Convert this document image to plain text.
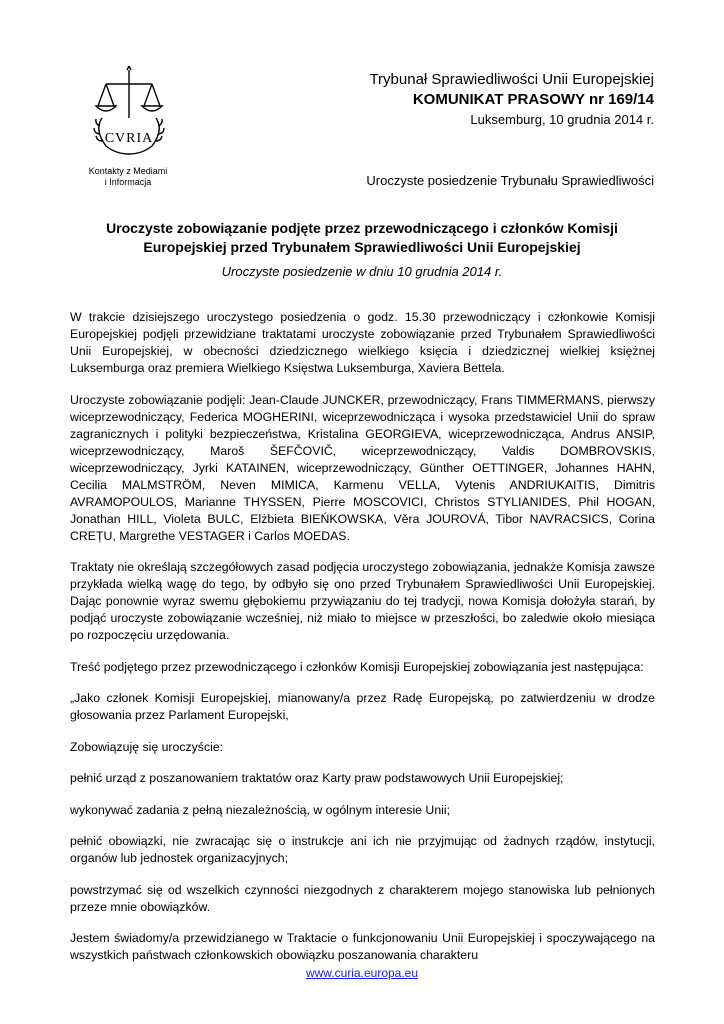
CVRIA
Kontakty z Mediami
i Informacja
Trybunał Sprawiedliwości Unii Europejskiej
KOMUNIKAT PRASOWY nr 169/14
Luksemburg, 10 grudnia 2014 r.
Uroczyste posiedzenie Trybunału Sprawiedliwości
Uroczyste zobowiązanie podjęte przez przewodniczącego i członków Komisji Europejskiej przed Trybunałem Sprawiedliwości Unii Europejskiej
Uroczyste posiedzenie w dniu 10 grudnia 2014 r.

W trakcie dzisiejszego uroczystego posiedzenia o godz. 15.30 przewodniczący i członkowie Komisji Europejskiej podjęli przewidziane traktatami uroczyste zobowiązanie przed Trybunałem Sprawiedliwości Unii Europejskiej, w obecności dziedzicznego wielkiego księcia i dziedzicznej wielkiej księżnej Luksemburga oraz premiera Wielkiego Księstwa Luksemburga, Xaviera Bettela.

Uroczyste zobowiązanie podjęli: Jean-Claude JUNCKER, przewodniczący, Frans TIMMERMANS, pierwszy wiceprzewodniczący, Federica MOGHERINI, wiceprzewodnicząca i wysoka przedstawiciel Unii do spraw zagranicznych i polityki bezpieczeństwa, Kristalina GEORGIEVA, wiceprzewodnicząca, Andrus ANSIP, wiceprzewodniczący, Maroš ŠEFČOVIČ, wiceprzewodniczący, Valdis DOMBROVSKIS, wiceprzewodniczący, Jyrki KATAINEN, wiceprzewodniczący, Günther OETTINGER, Johannes HAHN, Cecilia MALMSTRÖM, Neven MIMICA, Karmenu VELLA, Vytenis ANDRIUKAITIS, Dimitris AVRAMOPOULOS, Marianne THYSSEN, Pierre MOSCOVICI, Christos STYLIANIDES, Phil HOGAN, Jonathan HILL, Violeta BULC, Elżbieta BIEŃKOWSKA, Věra JOUROVÁ, Tibor NAVRACSICS, Corina CREȚU, Margrethe VESTAGER i Carlos MOEDAS.

Traktaty nie określają szczegółowych zasad podjęcia uroczystego zobowiązania, jednakże Komisja zawsze przykłada wielką wagę do tego, by odbyło się ono przed Trybunałem Sprawiedliwości Unii Europejskiej. Dając ponownie wyraz swemu głębokiemu przywiązaniu do tej tradycji, nowa Komisja dołożyła starań, by podjąć uroczyste zobowiązanie wcześniej, niż miało to miejsce w przeszłości, bo zaledwie około miesiąca po rozpoczęciu urzędowania.

Treść podjętego przez przewodniczącego i członków Komisji Europejskiej zobowiązania jest następująca:

„Jako członek Komisji Europejskiej, mianowany/a przez Radę Europejską, po zatwierdzeniu w drodze głosowania przez Parlament Europejski,

Zobowiązuję się uroczyście:

pełnić urząd z poszanowaniem traktatów oraz Karty praw podstawowych Unii Europejskiej;

wykonywać zadania z pełną niezależnością, w ogólnym interesie Unii;

pełnić obowiązki, nie zwracając się o instrukcje ani ich nie przyjmując od żadnych rządów, instytucji, organów lub jednostek organizacyjnych;

powstrzymać się od wszelkich czynności niezgodnych z charakterem mojego stanowiska lub pełnionych przeze mnie obowiązków.

Jestem świadomy/a przewidzianego w Traktacie o funkcjonowaniu Unii Europejskiej i spoczywającego na wszystkich państwach członkowskich obowiązku poszanowania charakteru

www.curia.europa.eu
